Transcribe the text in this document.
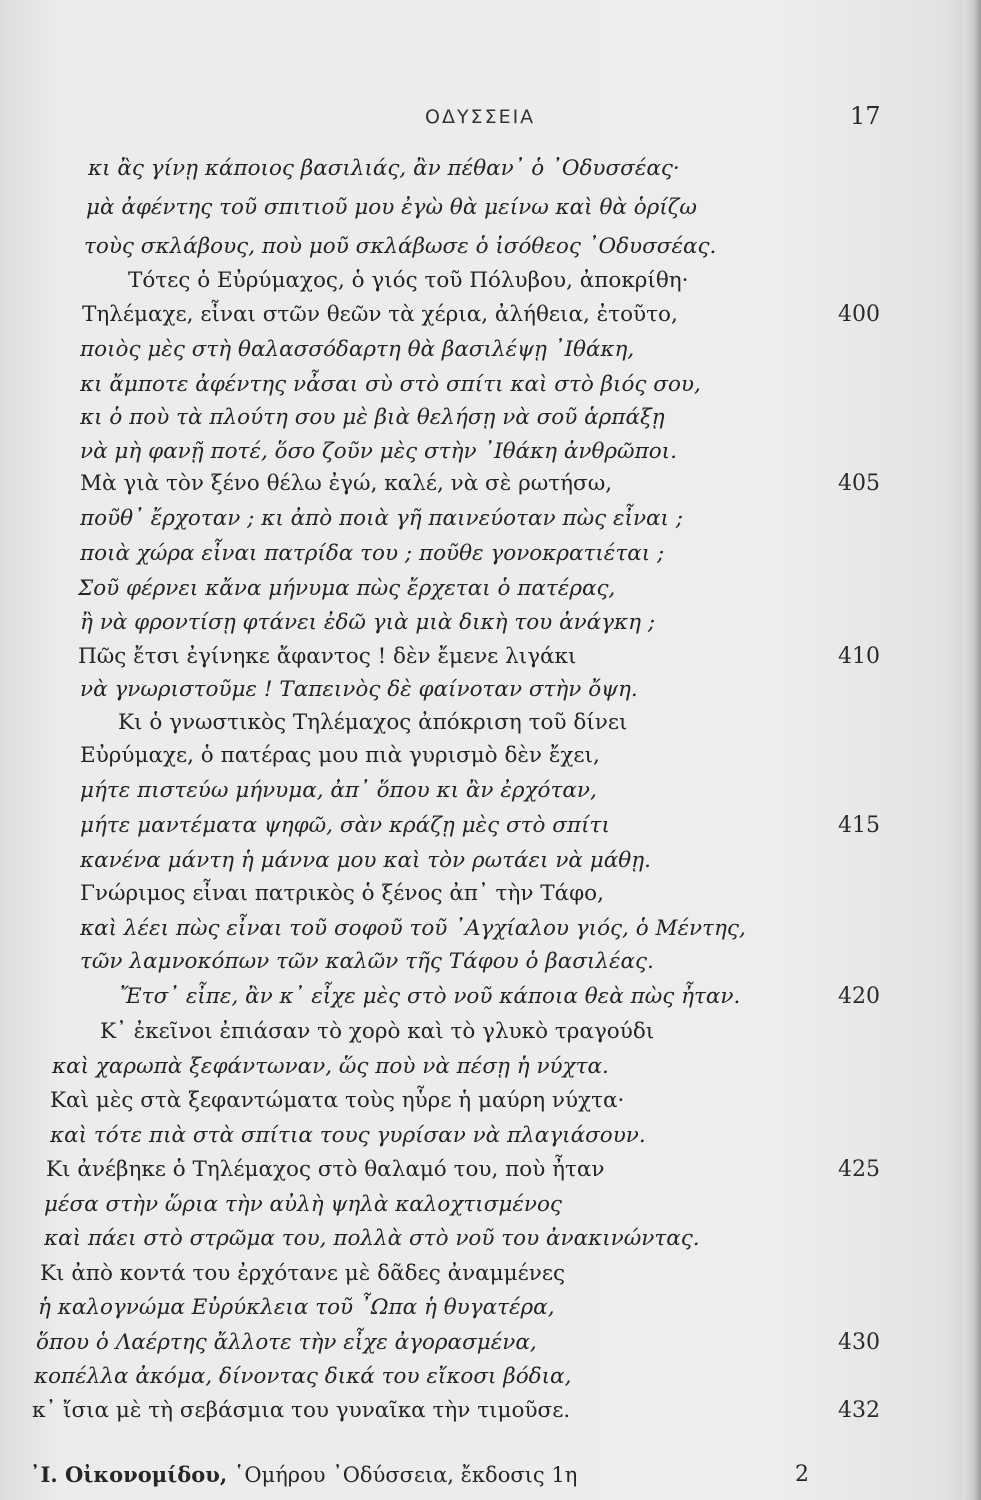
ΟΔΥΣΣΕΙΑ	17
κι ἂς γίνῃ κάποιος βασιλιάς, ἂν πέθαν᾽ ὁ ᾽Οδυσσέας·
μὰ ἀφέντης τοῦ σπιτιοῦ μου ἐγὼ θὰ μείνω καὶ θὰ ὁρίζω
τοὺς σκλάβους, ποὺ μοῦ σκλάβωσε ὁ ἰσόθεος ᾽Οδυσσέας.
Τότες ὁ Εὐρύμαχος, ὁ γιός τοῦ Πόλυβου, ἀποκρίθη·
Τηλέμαχε, εἶναι στῶν θεῶν τὰ χέρια, ἀλήθεια, ἐτοῦτο,	400
ποιὸς μὲς στὴ θαλασσόδαρτη θὰ βασιλέψῃ ᾽Ιθάκη,
κι ἄμποτε ἀφέντης νἆσαι σὺ στὸ σπίτι καὶ στὸ βιός σου,
κι ὁ ποὺ τὰ πλούτη σου μὲ βιὰ θελήσῃ νὰ σοῦ ἁρπάξῃ
νὰ μὴ φανῇ ποτέ, ὅσο ζοῦν μὲς στὴν ᾽Ιθάκη ἀνθρῶποι.
Μὰ γιὰ τὸν ξένο θέλω ἐγώ, καλέ, νὰ σὲ ρωτήσω,	405
ποῦθ᾽ ἔρχοταν ; κι ἀπὸ ποιὰ γῆ παινεύοταν πὼς εἶναι ;
ποιὰ χώρα εἶναι πατρίδα του ; ποῦθε γονοκρατιέται ;
Σοῦ φέρνει κἄνα μήνυμα πὼς ἔρχεται ὁ πατέρας,
ἢ νὰ φροντίσῃ φτάνει ἐδῶ γιὰ μιὰ δικὴ του ἀνάγκη ;
Πῶς ἔτσι ἐγίνηκε ἄφαντος ! δὲν ἔμενε λιγάκι	410
νὰ γνωριστοῦμε ! Ταπεινὸς δὲ φαίνοταν στὴν ὄψη.
Κι ὁ γνωστικὸς Τηλέμαχος ἀπόκριση τοῦ δίνει
Εὐρύμαχε, ὁ πατέρας μου πιὰ γυρισμὸ δὲν ἔχει,
μήτε πιστεύω μήνυμα, ἀπ᾽ ὅπου κι ἂν ἐρχόταν,
μήτε μαντέματα ψηφῶ, σὰν κράζῃ μὲς στὸ σπίτι	415
κανένα μάντη ἡ μάννα μου καὶ τὸν ρωτάει νὰ μάθῃ.
Γνώριμος εἶναι πατρικὸς ὁ ξένος ἀπ᾽ τὴν Τάφο,
καὶ λέει πὼς εἶναι τοῦ σοφοῦ τοῦ ᾽Αγχίαλου γιός, ὁ Μέντης,
τῶν λαμνοκόπων τῶν καλῶν τῆς Τάφου ὁ βασιλέας.
Ἔτσ᾽ εἶπε, ἂν κ᾽ εἶχε μὲς στὸ νοῦ κάποια θεὰ πὼς ἦταν.	420
Κ᾽ ἐκεῖνοι ἐπιάσαν τὸ χορὸ καὶ τὸ γλυκὸ τραγούδι
καὶ χαρωπὰ ξεφάντωναν, ὥς ποὺ νὰ πέσῃ ἡ νύχτα.
Καὶ μὲς στὰ ξεφαντώματα τοὺς ηὗρε ἡ μαύρη νύχτα·
καὶ τότε πιὰ στὰ σπίτια τους γυρίσαν νὰ πλαγιάσουν.
Κι ἀνέβηκε ὁ Τηλέμαχος στὸ θαλαμό του, ποὺ ἦταν	425
μέσα στὴν ὥρια τὴν αὐλὴ ψηλὰ καλοχτισμένος
καὶ πάει στὸ στρῶμα του, πολλὰ στὸ νοῦ του ἀνακινώντας.
Κι ἀπὸ κοντά του ἐρχότανε μὲ δᾶδες ἀναμμένες
ἡ καλογνώμα Εὐρύκλεια τοῦ ῏Ωπα ἡ θυγατέρα,
ὅπου ὁ Λαέρτης ἄλλοτε τὴν εἶχε ἀγορασμένα,	430
κοπέλλα ἀκόμα, δίνοντας δικά του εἴκοσι βόδια,
κ᾽ ἴσια μὲ τὴ σεβάσμια του γυναῖκα τὴν τιμοῦσε.	432
᾽Ι. Οἰκονομίδου, ῾Ομήρου ᾽Οδύσσεια, ἔκδοσις 1η	2
